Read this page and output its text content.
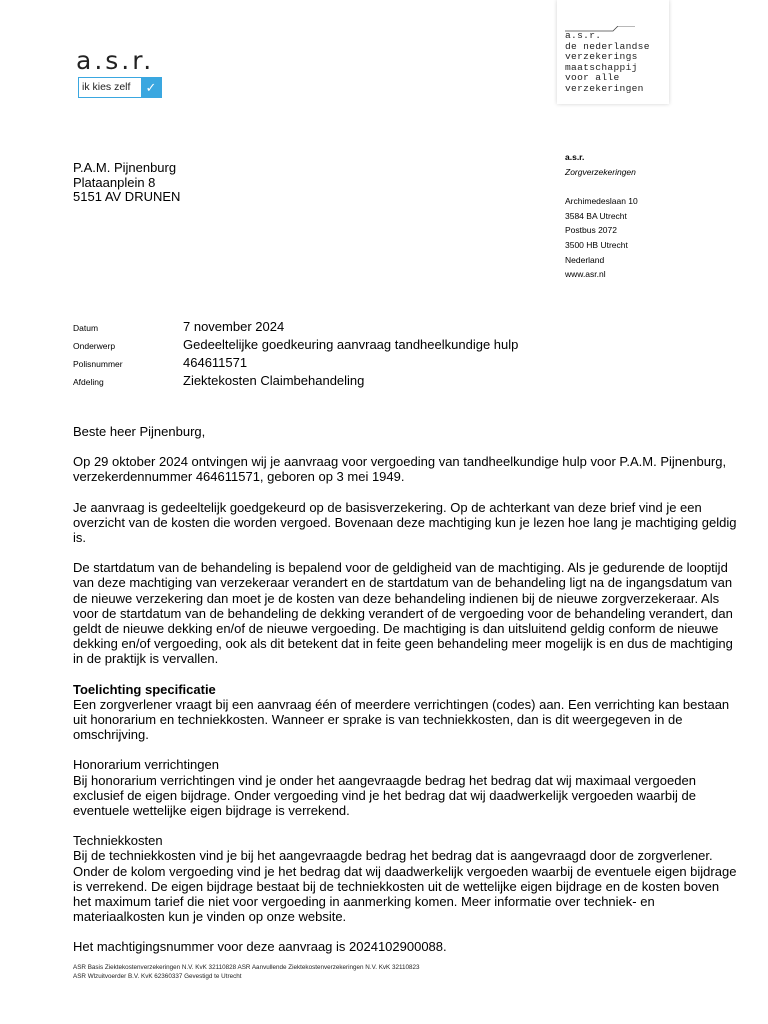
a.s.r.
ik kies zelf	✓
a.s.r.
de nederlandse
verzekerings
maatschappij
voor alle
verzekeringen
P.A.M. Pijnenburg
Plataanplein 8
5151 AV DRUNEN
a.s.r.
Zorgverzekeringen
Archimedeslaan 10
3584 BA Utrecht
Postbus 2072
3500 HB Utrecht
Nederland
www.asr.nl
Datum	7 november 2024
Onderwerp	Gedeeltelijke goedkeuring aanvraag tandheelkundige hulp
Polisnummer	464611571
Afdeling	Ziektekosten Claimbehandeling

Beste heer Pijnenburg,

Op 29 oktober 2024 ontvingen wij je aanvraag voor vergoeding van tandheelkundige hulp voor P.A.M. Pijnenburg, verzekerdennummer 464611571, geboren op 3 mei 1949.

Je aanvraag is gedeeltelijk goedgekeurd op de basisverzekering. Op de achterkant van deze brief vind je een overzicht van de kosten die worden vergoed. Bovenaan deze machtiging kun je lezen hoe lang je machtiging geldig is.

De startdatum van de behandeling is bepalend voor de geldigheid van de machtiging. Als je gedurende de looptijd van deze machtiging van verzekeraar verandert en de startdatum van de behandeling ligt na de ingangsdatum van de nieuwe verzekering dan moet je de kosten van deze behandeling indienen bij de nieuwe zorgverzekeraar. Als voor de startdatum van de behandeling de dekking verandert of de vergoeding voor de behandeling verandert, dan geldt de nieuwe dekking en/of de nieuwe vergoeding. De machtiging is dan uitsluitend geldig conform de nieuwe dekking en/of vergoeding, ook als dit betekent dat in feite geen behandeling meer mogelijk is en dus de machtiging in de praktijk is vervallen.

Toelichting specificatie

Een zorgverlener vraagt bij een aanvraag één of meerdere verrichtingen (codes) aan. Een verrichting kan bestaan uit honorarium en techniekkosten. Wanneer er sprake is van techniekkosten, dan is dit weergegeven in de omschrijving.

Honorarium verrichtingen

Bij honorarium verrichtingen vind je onder het aangevraagde bedrag het bedrag dat wij maximaal vergoeden exclusief de eigen bijdrage. Onder vergoeding vind je het bedrag dat wij daadwerkelijk vergoeden waarbij de eventuele wettelijke eigen bijdrage is verrekend.

Techniekkosten

Bij de techniekkosten vind je bij het aangevraagde bedrag het bedrag dat is aangevraagd door de zorgverlener. Onder de kolom vergoeding vind je het bedrag dat wij daadwerkelijk vergoeden waarbij de eventuele eigen bijdrage is verrekend. De eigen bijdrage bestaat bij de techniekkosten uit de wettelijke eigen bijdrage en de kosten boven het maximum tarief die niet voor vergoeding in aanmerking komen. Meer informatie over techniek- en materiaalkosten kun je vinden op onze website.

Het machtigingsnummer voor deze aanvraag is 2024102900088.

ASR Basis Ziektekostenverzekeringen N.V. KvK 32110828 ASR Aanvullende Ziektekostenverzekeringen N.V. KvK 32110823
ASR Wlzuitvoerder B.V. KvK 62360337 Gevestigd te Utrecht
